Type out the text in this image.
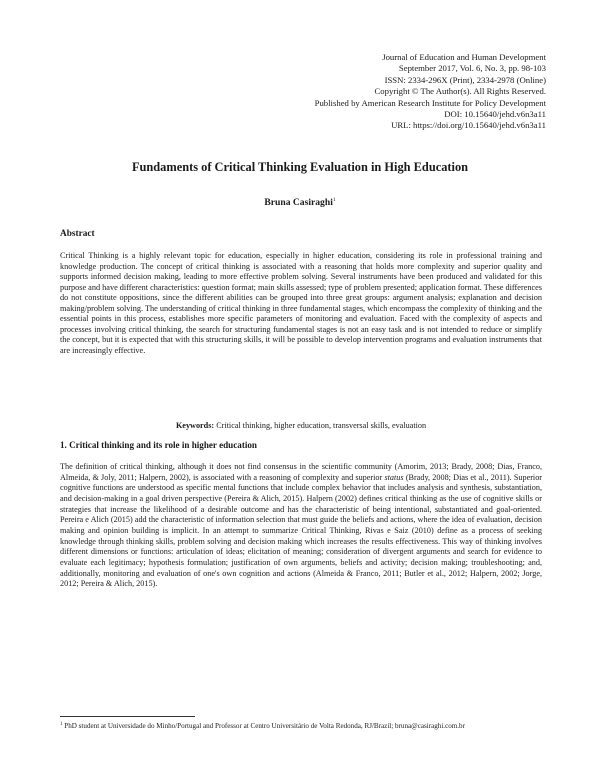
Journal of Education and Human Development
September 2017, Vol. 6, No. 3, pp. 98-103
ISSN: 2334-296X (Print), 2334-2978 (Online)
Copyright © The Author(s). All Rights Reserved.
Published by American Research Institute for Policy Development
DOI: 10.15640/jehd.v6n3a11
URL: https://doi.org/10.15640/jehd.v6n3a11
Fundaments of Critical Thinking Evaluation in High Education
Bruna Casiraghi$^1$
Abstract
Critical Thinking is a highly relevant topic for education, especially in higher education, considering its role in professional training and knowledge production. The concept of critical thinking is associated with a reasoning that holds more complexity and superior quality and supports informed decision making, leading to more effective problem solving. Several instruments have been produced and validated for this purpose and have different characteristics: question format; main skills assessed; type of problem presented; application format. These differences do not constitute oppositions, since the different abilities can be grouped into three great groups: argument analysis; explanation and decision making/problem solving. The understanding of critical thinking in three fundamental stages, which encompass the complexity of thinking and the essential points in this process, establishes more specific parameters of monitoring and evaluation. Faced with the complexity of aspects and processes involving critical thinking, the search for structuring fundamental stages is not an easy task and is not intended to reduce or simplify the concept, but it is expected that with this structuring skills, it will be possible to develop intervention programs and evaluation instruments that are increasingly effective.
Keywords: Critical thinking, higher education, transversal skills, evaluation
1. Critical thinking and its role in higher education
The definition of critical thinking, although it does not find consensus in the scientific community (Amorim, 2013; Brady, 2008; Dias, Franco, Almeida, & Joly, 2011; Halpern, 2002), is associated with a reasoning of complexity and superior status (Brady, 2008; Dias et al., 2011). Superior cognitive functions are understood as specific mental functions that include complex behavior that includes analysis and synthesis, substantiation, and decision-making in a goal driven perspective (Pereira & Alich, 2015). Halpern (2002) defines critical thinking as the use of cognitive skills or strategies that increase the likelihood of a desirable outcome and has the characteristic of being intentional, substantiated and goal-oriented. Pereira e Alich (2015) add the characteristic of information selection that must guide the beliefs and actions, where the idea of evaluation, decision making and opinion building is implicit. In an attempt to summarize Critical Thinking, Rivas e Saiz (2010) define as a process of seeking knowledge through thinking skills, problem solving and decision making which increases the results effectiveness. This way of thinking involves different dimensions or functions: articulation of ideas; elicitation of meaning; consideration of divergent arguments and search for evidence to evaluate each legitimacy; hypothesis formulation; justification of own arguments, beliefs and activity; decision making; troubleshooting; and, additionally, monitoring and evaluation of one's own cognition and actions (Almeida & Franco, 2011; Butler et al., 2012; Halpern, 2002; Jorge, 2012; Pereira & Alich, 2015).
$^1$ PhD student at Universidade do Minho/Portugal and Professor at Centro Universitário de Volta Redonda, RJ/Brazil; bruna@casiraghi.com.br
